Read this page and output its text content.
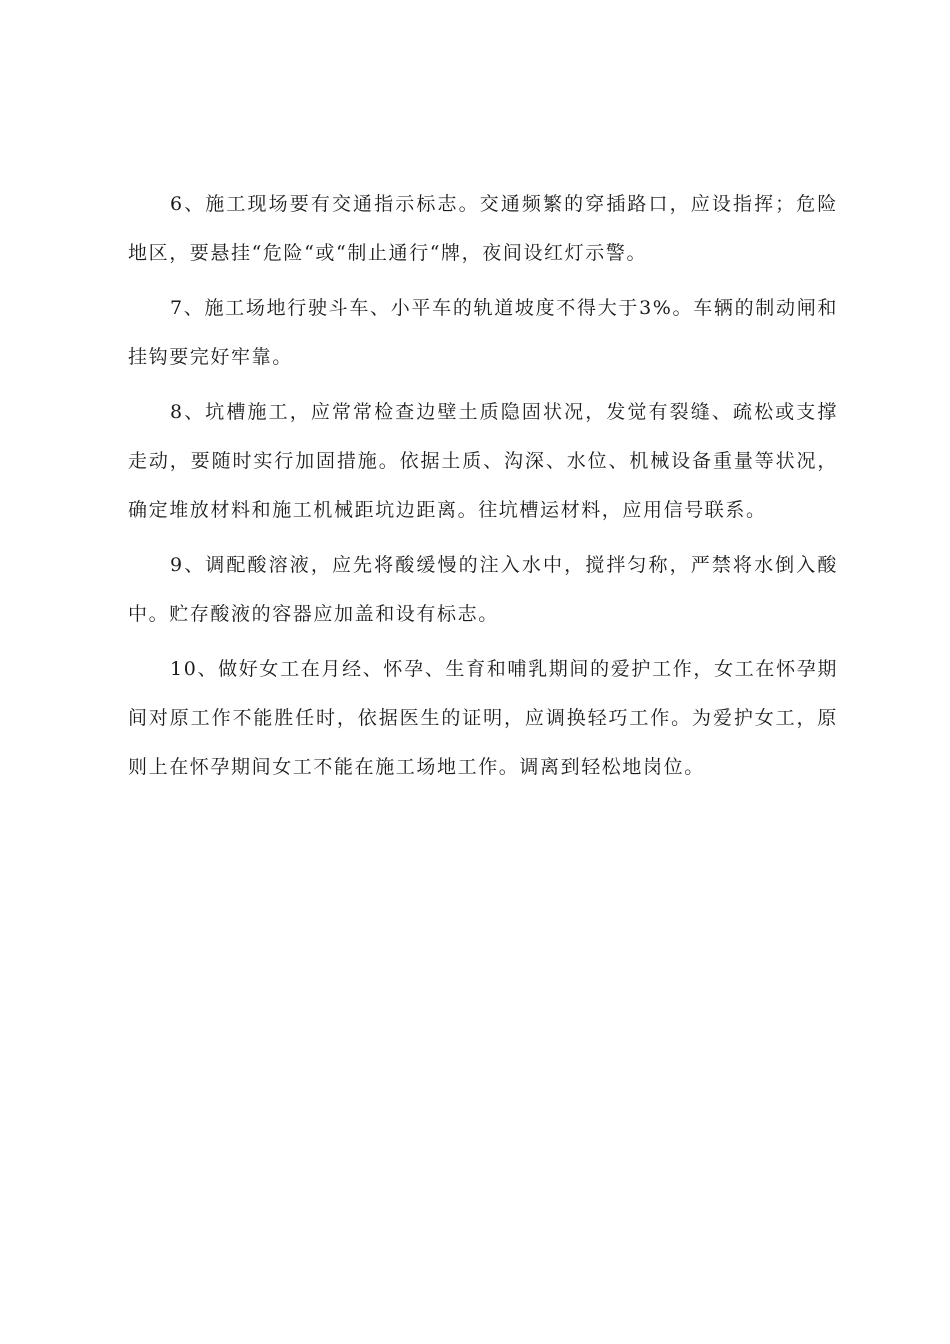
6、施工现场要有交通指示标志。交通频繁的穿插路口，应设指挥；危险地区，要悬挂“危险“或“制止通行“牌，夜间设红灯示警。

7、施工场地行驶斗车、小平车的轨道坡度不得大于3%。车辆的制动闸和挂钩要完好牢靠。

8、坑槽施工，应常常检查边壁土质隐固状况，发觉有裂缝、疏松或支撑走动，要随时实行加固措施。依据土质、沟深、水位、机械设备重量等状况，确定堆放材料和施工机械距坑边距离。往坑槽运材料，应用信号联系。

9、调配酸溶液，应先将酸缓慢的注入水中，搅拌匀称，严禁将水倒入酸中。贮存酸液的容器应加盖和设有标志。

10、做好女工在月经、怀孕、生育和哺乳期间的爱护工作，女工在怀孕期间对原工作不能胜任时，依据医生的证明，应调换轻巧工作。为爱护女工，原则上在怀孕期间女工不能在施工场地工作。调离到轻松地岗位。
